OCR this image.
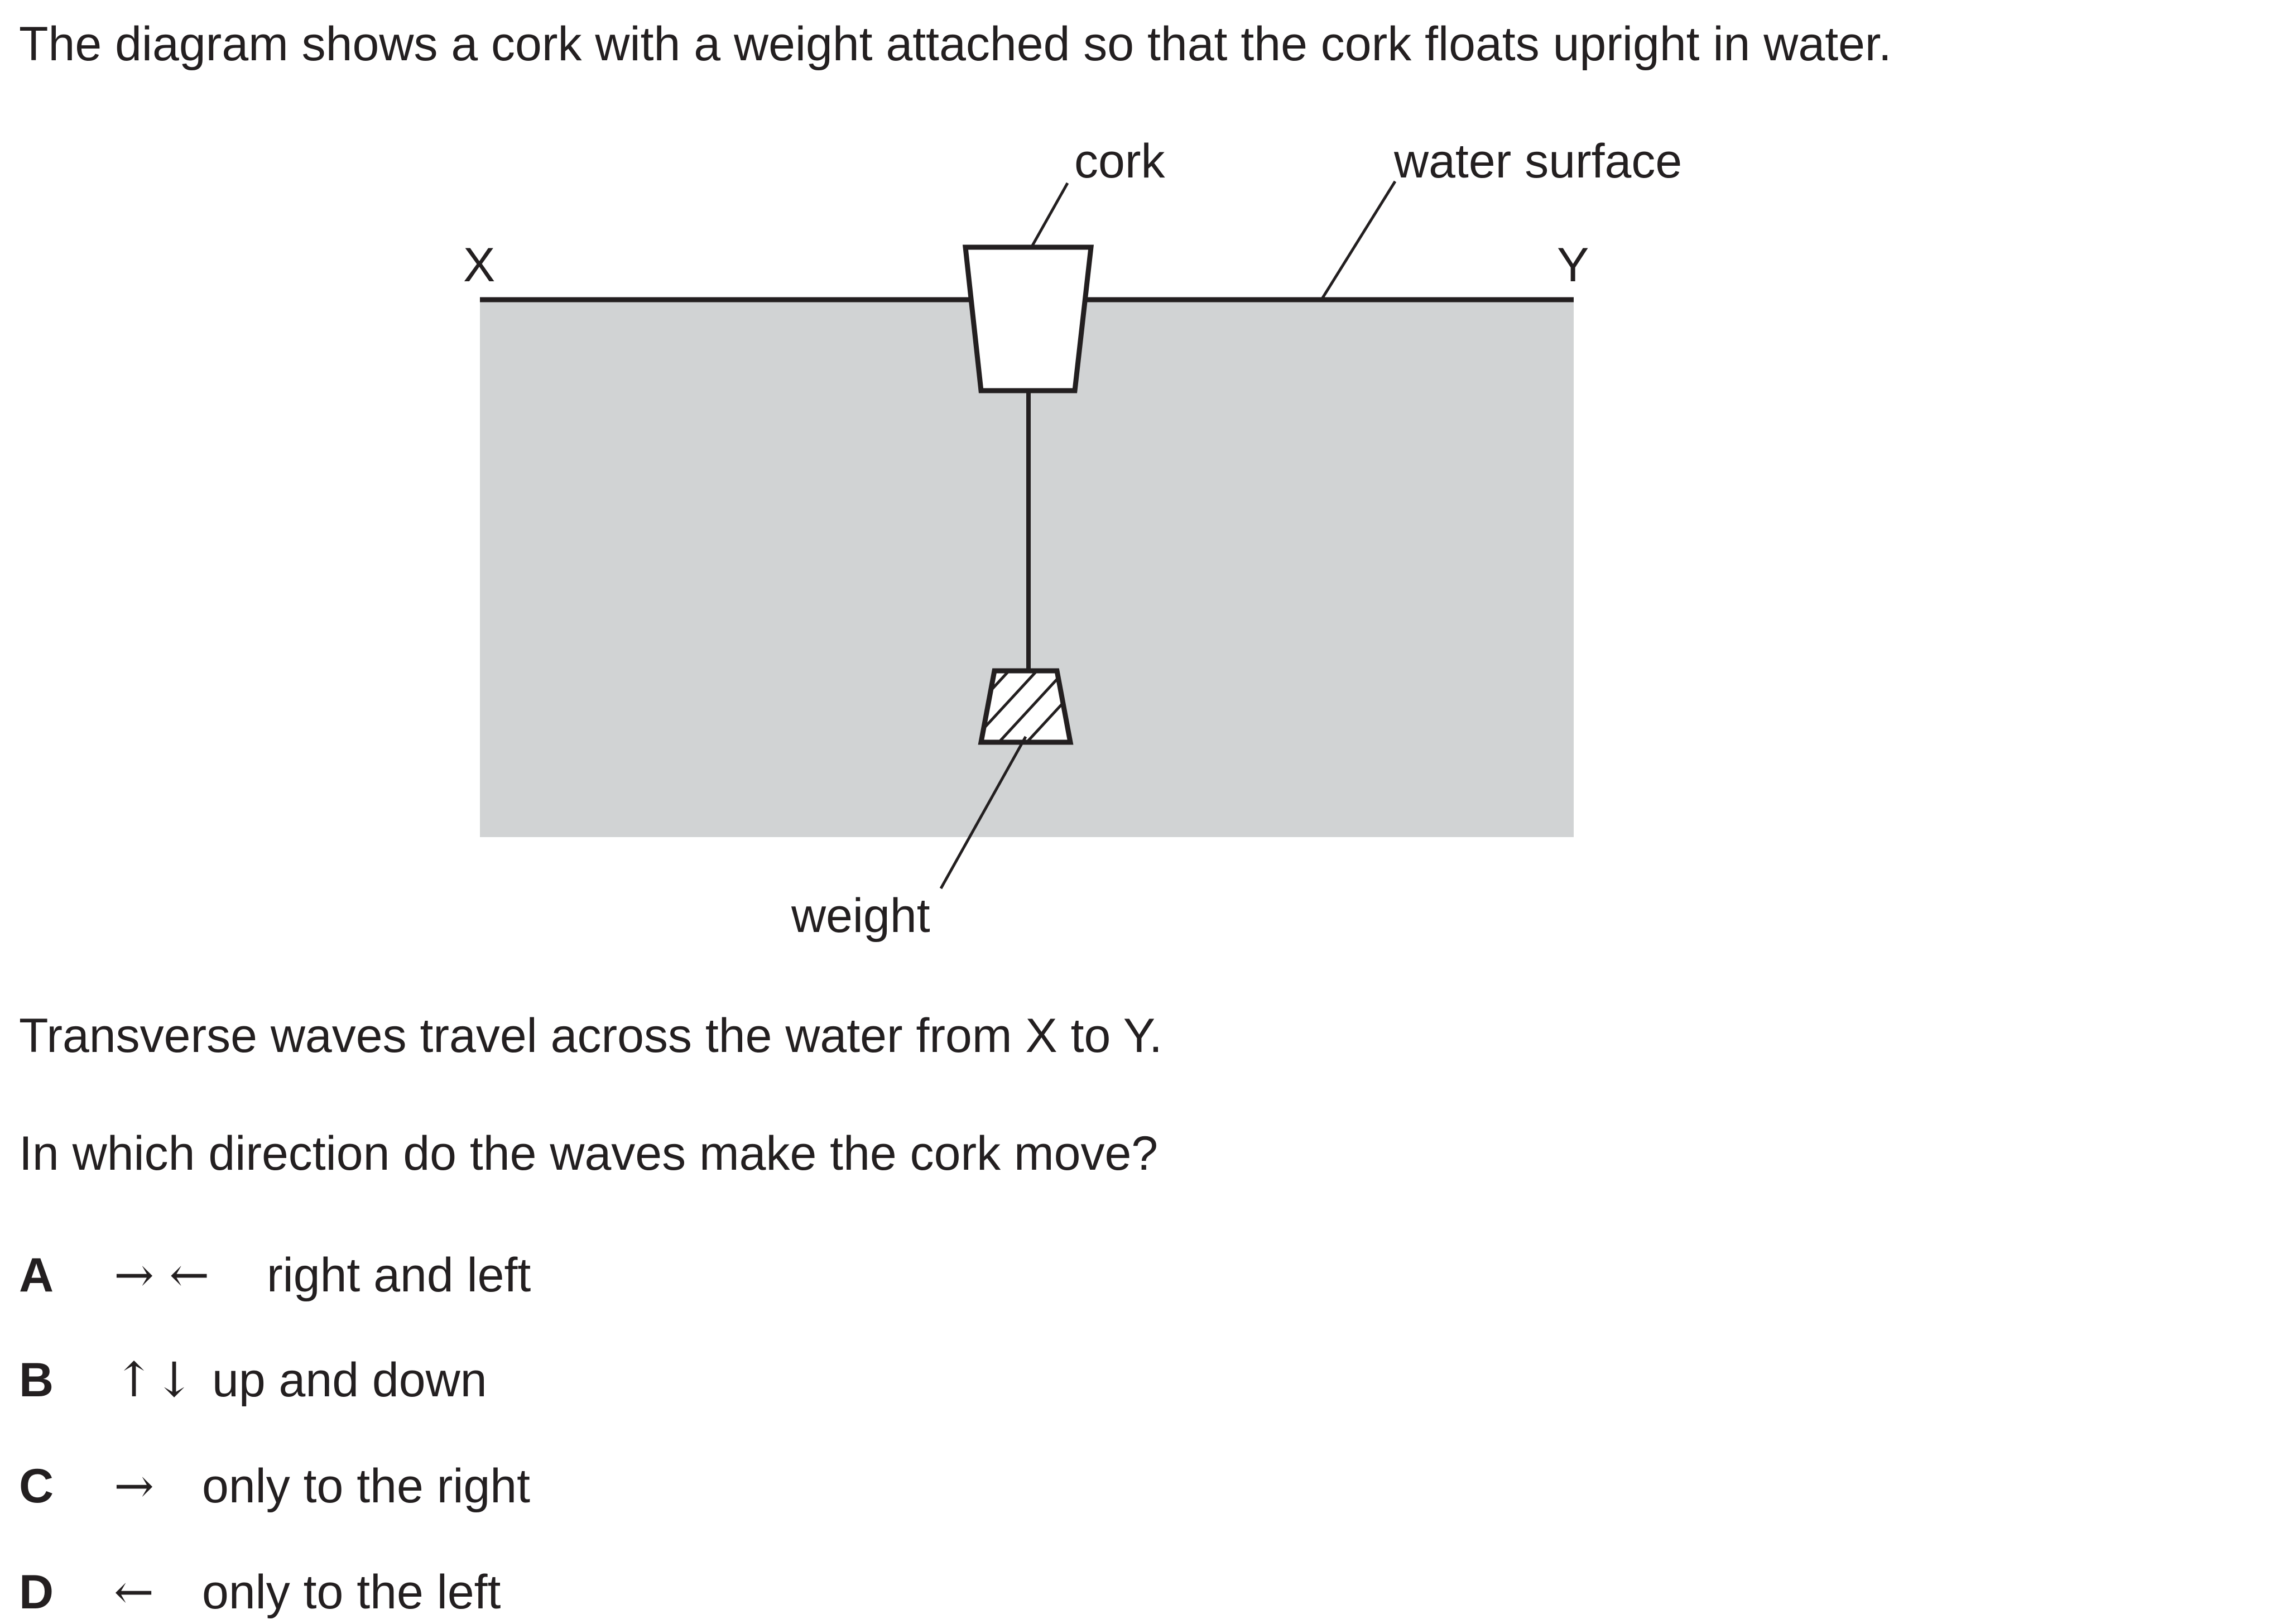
The diagram shows a cork with a weight attached so that the cork floats upright in water.
cork	water surface
weight
X	Y
Transverse waves travel across the water from X to Y.
In which direction do the waves make the cork move?
A → ← right and left
B ↑↓ up and down
C → only to the right
D ← only to the left
